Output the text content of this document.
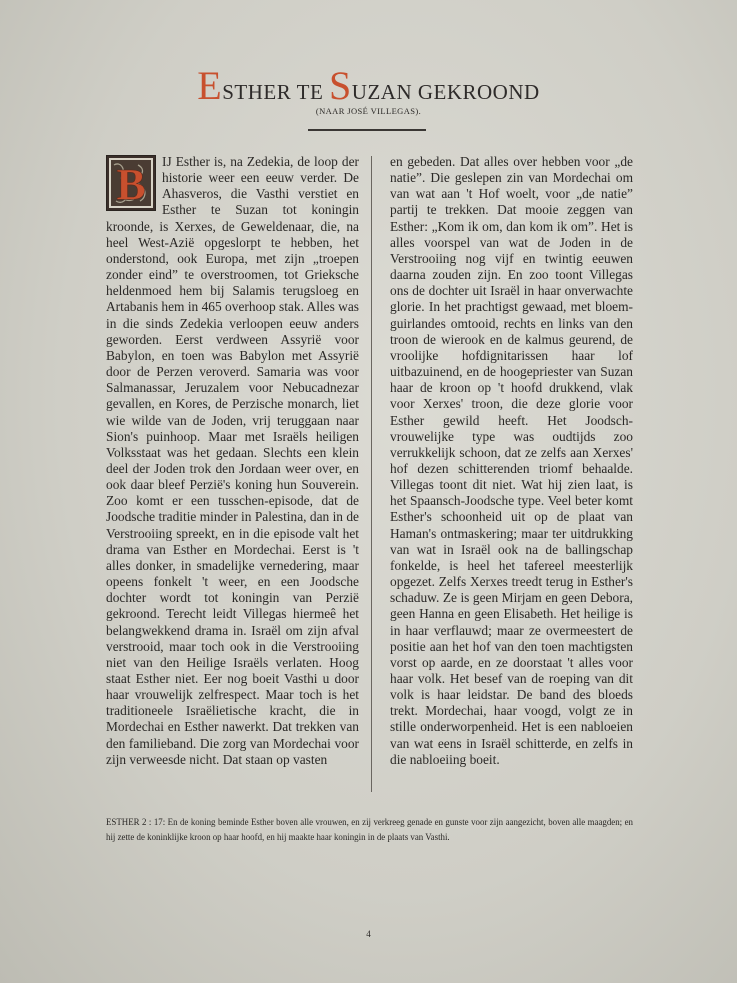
ESTHER TE SUZAN GEKROOND
(NAAR JOSÉ VILLEGAS).
B	IJ Esther is, na Zedekia, de loop der historie weer een eeuw verder. De Ahasveros, die Vasthi verstiet en Esther te Suzan tot koningin kroonde, is Xerxes, de Geweldenaar, die, na heel West-Azië opgeslorpt te hebben, het onderstond, ook Europa, met zijn „troepen zonder eind” te overstroomen, tot Grieksche heldenmoed hem bij Salamis terugsloeg en Artabanis hem in 465 overhoop stak. Alles was in die sinds Zedekia verloopen eeuw anders geworden. Eerst verdween Assyrië voor Babylon, en toen was Babylon met Assyrië door de Perzen veroverd. Samaria was voor Salmanassar, Jeruzalem voor Nebucadnezar gevallen, en Kores, de Perzische monarch, liet wie wilde van de Joden, vrij teruggaan naar Sion's puinhoop. Maar met Israëls heiligen Volksstaat was het gedaan. Slechts een klein deel der Joden trok den Jordaan weer over, en ook daar bleef Perzië's koning hun Souverein. Zoo komt er een tusschen-episode, dat de Joodsche traditie minder in Palestina, dan in de Verstrooiing spreekt, en in die episode valt het drama van Esther en Mordechai. Eerst is 't alles donker, in smadelijke vernedering, maar opeens fonkelt 't weer, en een Joodsche dochter wordt tot koningin van Perzië gekroond. Terecht leidt Villegas hiermeê het belangwekkend drama in. Israël om zijn afval verstrooid, maar toch ook in die Verstrooiing niet van den Heilige Israëls verlaten. Hoog staat Esther niet. Eer nog boeit Vasthi u door haar vrouwelijk zelfrespect. Maar toch is het traditioneele Israëlietische kracht, die in Mordechai en Esther nawerkt. Dat trekken van den familieband. Die zorg van Mordechai voor zijn verweesde nicht. Dat staan op vasten

en gebeden. Dat alles over hebben voor „de natie”. Die geslepen zin van Mordechai om van wat aan 't Hof woelt, voor „de natie” partij te trekken. Dat mooie zeggen van Esther: „Kom ik om, dan kom ik om”. Het is alles voorspel van wat de Joden in de Verstrooiing nog vijf en twintig eeuwen daarna zouden zijn. En zoo toont Villegas ons de dochter uit Israël in haar onverwachte glorie. In het prachtigst gewaad, met bloem-guirlandes omtooid, rechts en links van den troon de wierook en de kalmus geurend, de vroolijke hofdignitarissen haar lof uitbazuinend, en de hoogepriester van Suzan haar de kroon op 't hoofd drukkend, vlak voor Xerxes' troon, die deze glorie voor Esther gewild heeft. Het Joodsch-vrouwelijke type was oudtijds zoo verrukkelijk schoon, dat ze zelfs aan Xerxes' hof dezen schitterenden triomf behaalde. Villegas toont dit niet. Wat hij zien laat, is het Spaansch-Joodsche type. Veel beter komt Esther's schoonheid uit op de plaat van Haman's ontmaskering; maar ter uitdrukking van wat in Israël ook na de ballingschap fonkelde, is heel het tafereel meesterlijk opgezet. Zelfs Xerxes treedt terug in Esther's schaduw. Ze is geen Mirjam en geen Debora, geen Hanna en geen Elisabeth. Het heilige is in haar verflauwd; maar ze overmeestert de positie aan het hof van den toen machtigsten vorst op aarde, en ze doorstaat 't alles voor haar volk. Het besef van de roeping van dit volk is haar leidstar. De band des bloeds trekt. Mordechai, haar voogd, volgt ze in stille onderworpenheid. Het is een nabloeien van wat eens in Israël schitterde, en zelfs in die nabloeiing boeit.

ESTHER 2 : 17: En de koning beminde Esther boven alle vrouwen, en zij verkreeg genade en gunste voor zijn aangezicht, boven alle maagden; en hij zette de koninklijke kroon op haar hoofd, en hij maakte haar koningin in de plaats van Vasthi.
4
